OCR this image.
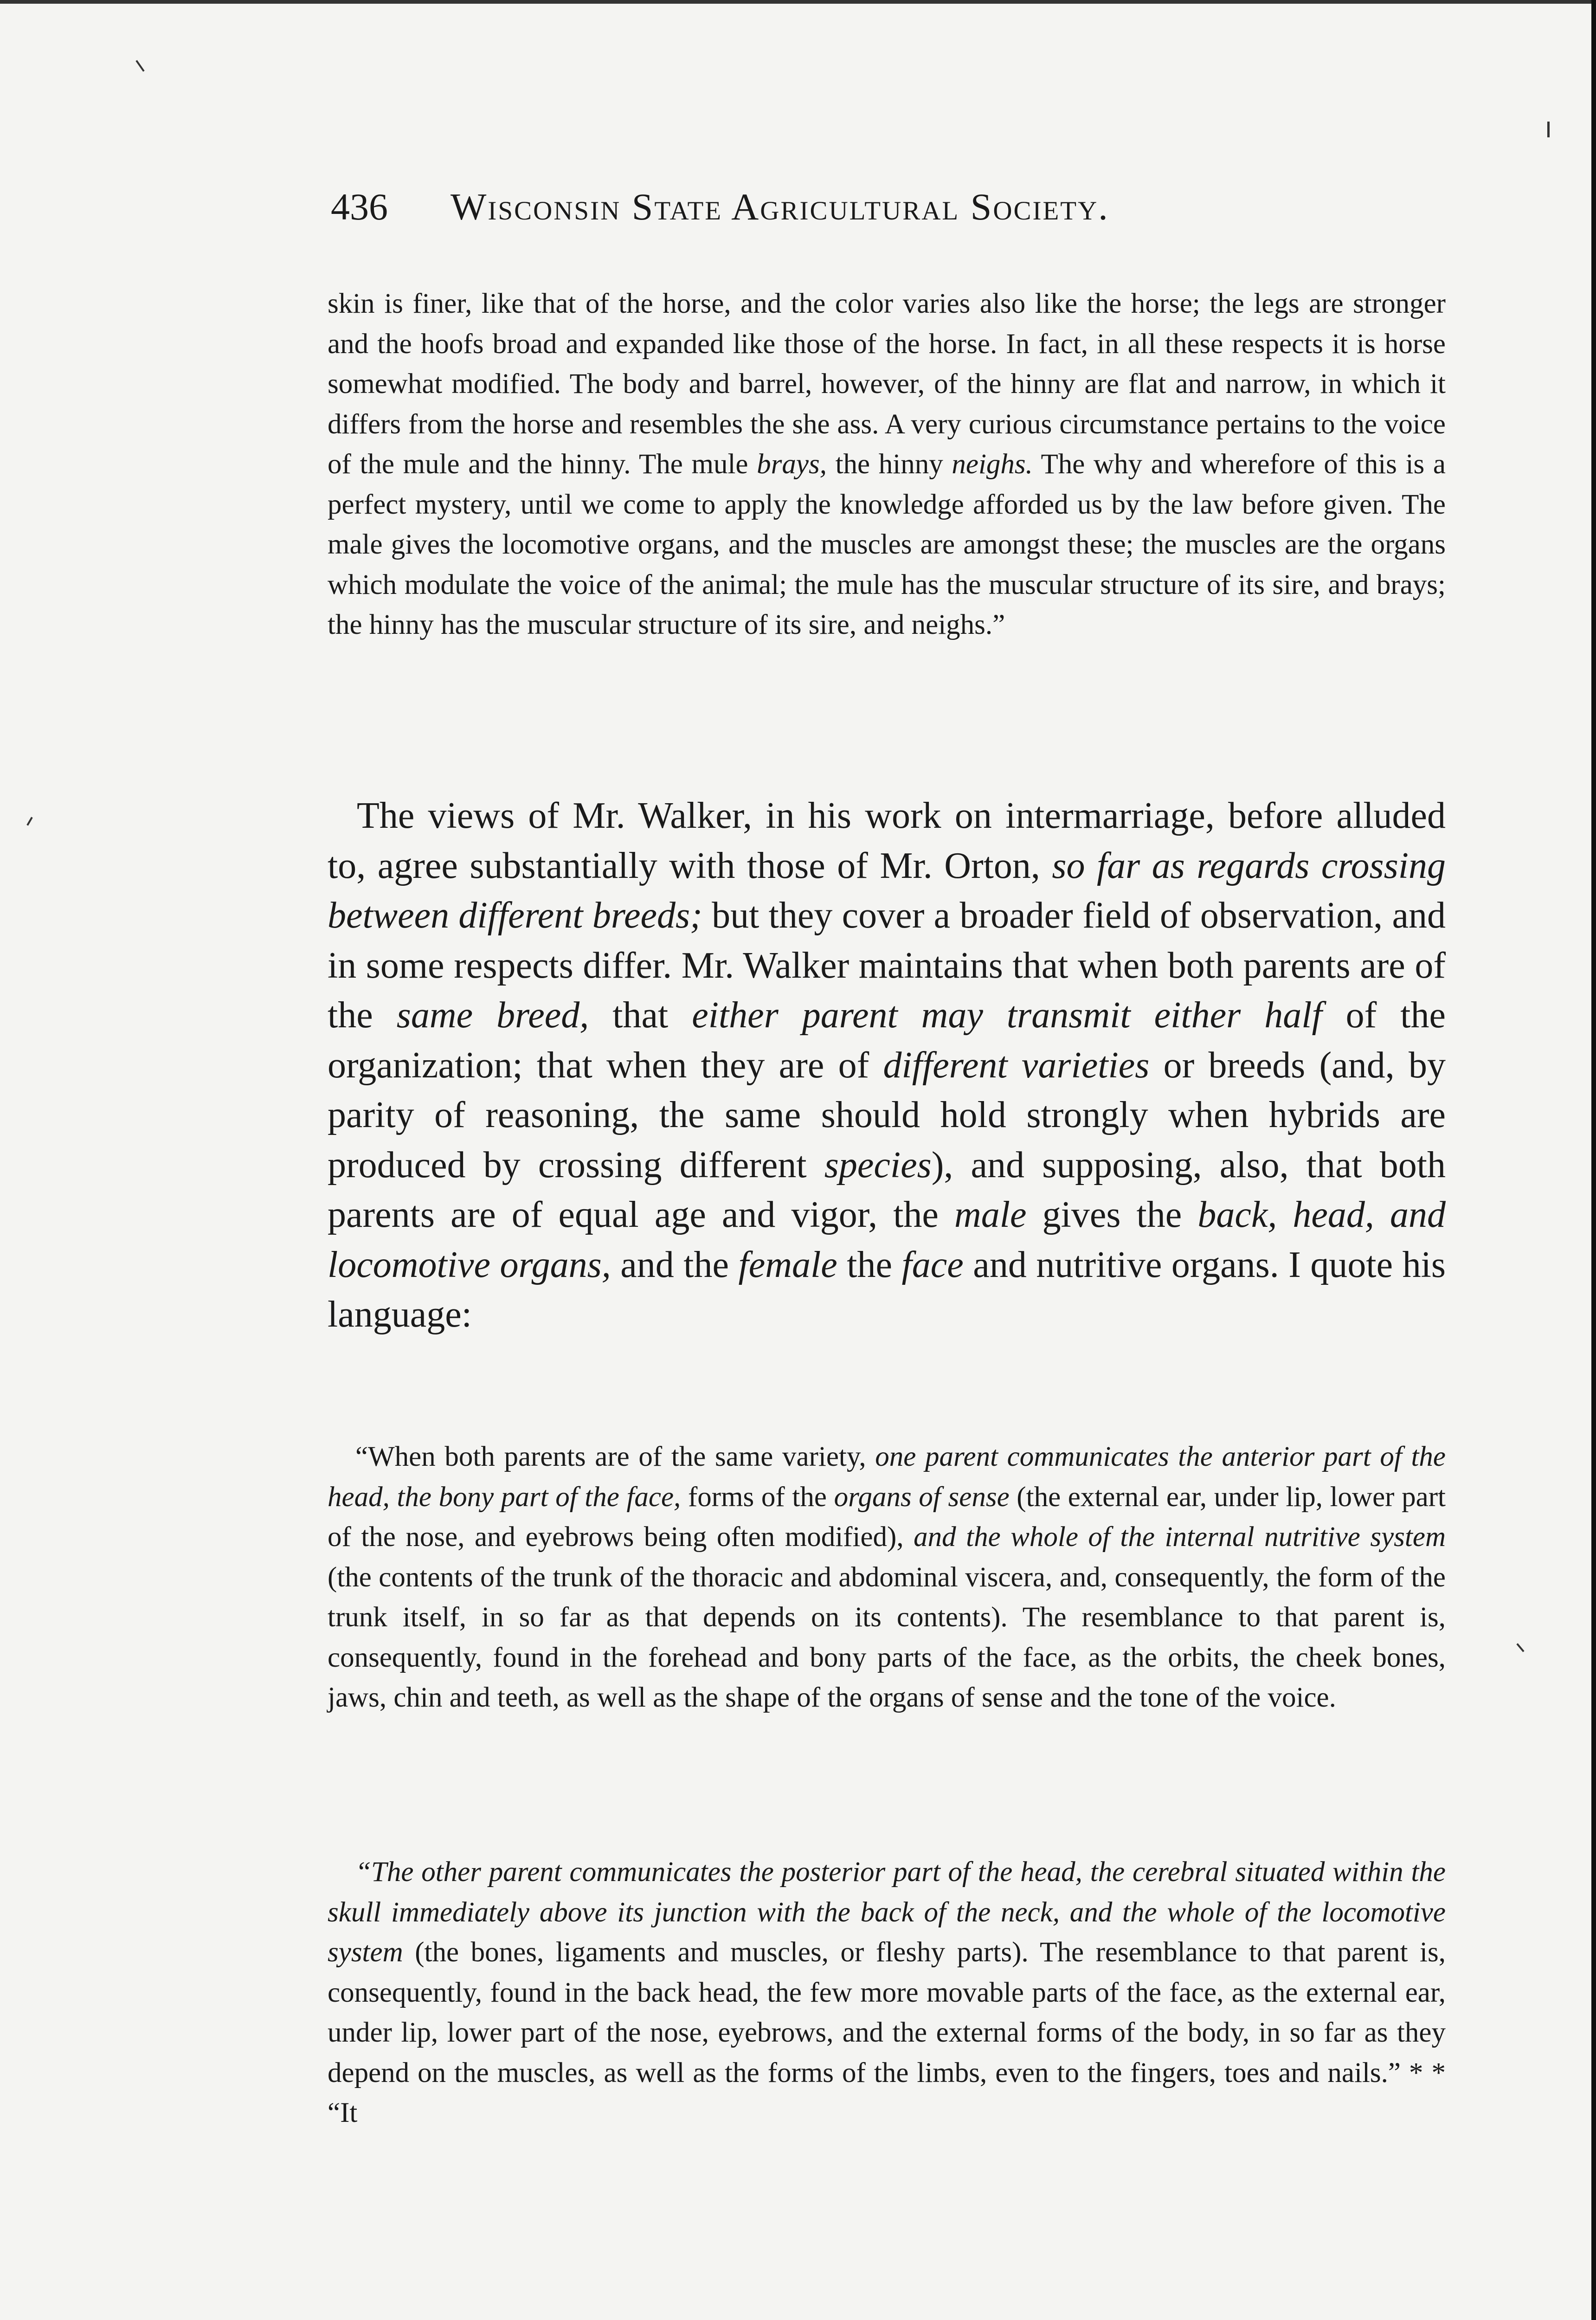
436 Wisconsin State Agricultural Society.

skin is finer, like that of the horse, and the color varies also like the horse; the legs are stronger and the hoofs broad and expanded like those of the horse. In fact, in all these respects it is horse somewhat modified. The body and barrel, however, of the hinny are flat and narrow, in which it differs from the horse and resembles the she ass. A very curious circumstance pertains to the voice of the mule and the hinny. The mule brays, the hinny neighs. The why and wherefore of this is a perfect mystery, until we come to apply the knowledge afforded us by the law before given. The male gives the locomotive organs, and the muscles are amongst these; the muscles are the organs which modulate the voice of the animal; the mule has the muscular structure of its sire, and brays; the hinny has the muscular structure of its sire, and neighs.”

The views of Mr. Walker, in his work on intermarriage, before alluded to, agree substantially with those of Mr. Orton, so far as regards crossing between different breeds; but they cover a broader field of observation, and in some respects differ. Mr. Walker maintains that when both parents are of the same breed, that either parent may transmit either half of the organization; that when they are of different varieties or breeds (and, by parity of reasoning, the same should hold strongly when hybrids are produced by crossing different species), and supposing, also, that both parents are of equal age and vigor, the male gives the back, head, and locomotive organs, and the female the face and nutritive organs. I quote his language:

“When both parents are of the same variety, one parent communicates the anterior part of the head, the bony part of the face, forms of the organs of sense (the external ear, under lip, lower part of the nose, and eyebrows being often modified), and the whole of the internal nutritive system (the contents of the trunk of the thoracic and abdominal viscera, and, consequently, the form of the trunk itself, in so far as that depends on its contents). The resemblance to that parent is, consequently, found in the forehead and bony parts of the face, as the orbits, the cheek bones, jaws, chin and teeth, as well as the shape of the organs of sense and the tone of the voice.

“The other parent communicates the posterior part of the head, the cerebral situated within the skull immediately above its junction with the back of the neck, and the whole of the locomotive system (the bones, ligaments and muscles, or fleshy parts). The resemblance to that parent is, consequently, found in the back head, the few more movable parts of the face, as the external ear, under lip, lower part of the nose, eyebrows, and the external forms of the body, in so far as they depend on the muscles, as well as the forms of the limbs, even to the fingers, toes and nails.” * * “It
